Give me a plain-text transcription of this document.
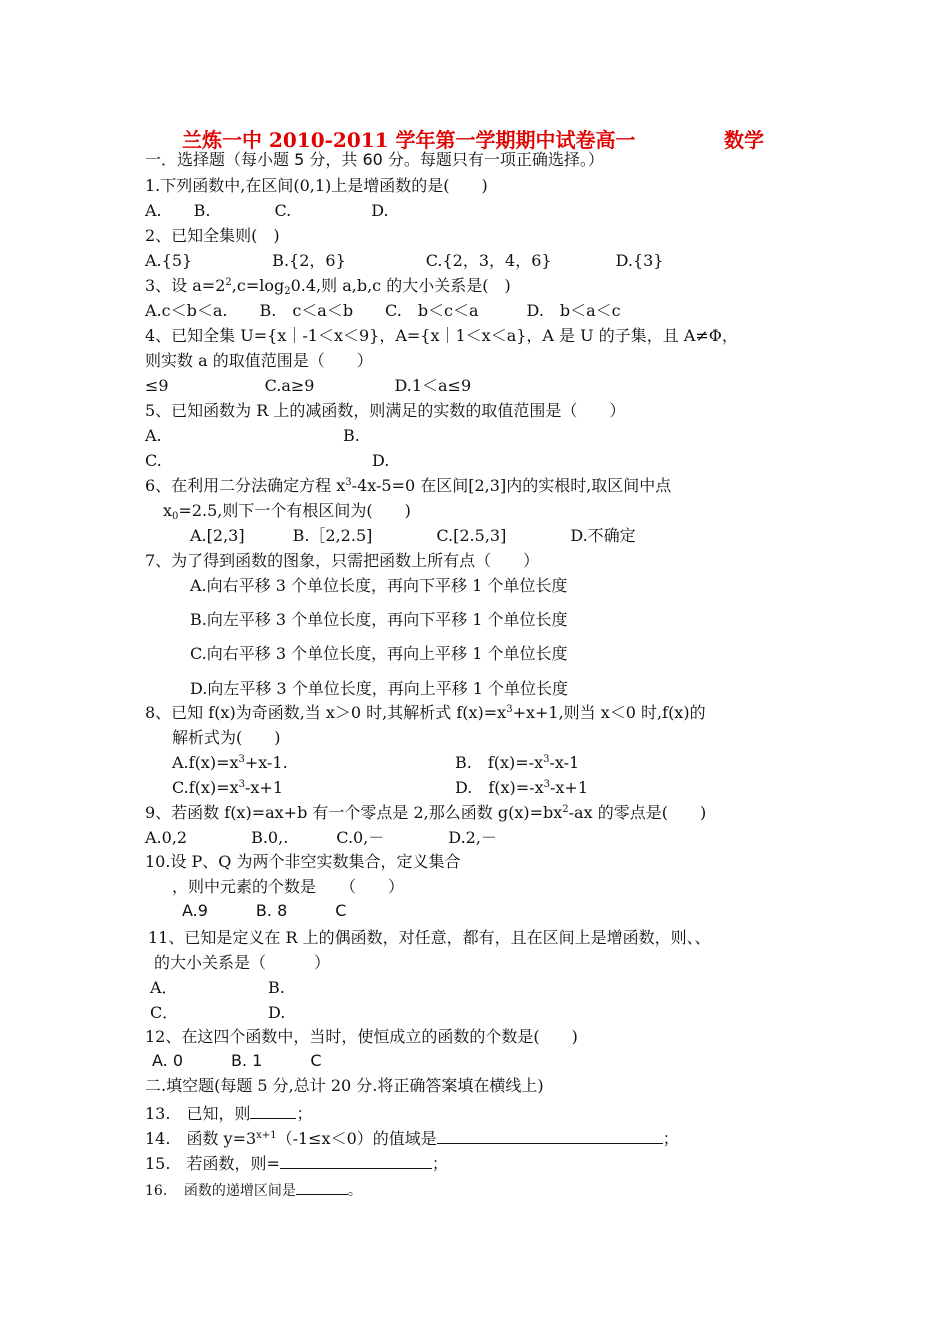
兰炼一中 2010-2011 学年第一学期期中试卷高一	数学
一．选择题（每小题 5 分，共 60 分。每题只有一项正确选择。）
1.下列函数中,在区间(0,1)上是增函数的是(　　)
A.　　B.　　　　C.　　　　　D.
2、已知全集则(　)
A.{5}　　　　　B.{2，6}　　　　　C.{2，3，4，6}　　　　D.{3}
3、设 $a=2^2,c=\log_20.4$,则 a,b,c 的大小关系是(　)
A.c＜b＜a.　　B.　c＜a＜b　　C.　b＜c＜a　　　D.　b＜a＜c
4、已知全集 U={x｜-1＜x＜9}，A={x｜1＜x＜a}，A 是 U 的子集，且 A≠Φ，
则实数 a 的取值范围是（　　）
≤9　　　　　　C.a≥9　　　　　D.1＜a≤9
5、已知函数为 R 上的减函数，则满足的实数的取值范围是（　　）
A.	B.
C.	D.
6、在利用二分法确定方程 $x^3-4x-5=0$ 在区间[2,3]内的实根时,取区间中点
$x_0=2.5$,则下一个有根区间为(　　)
A.[2,3]　　　B.［2,2.5]　　　　C.[2.5,3]　　　　D.不确定
7、为了得到函数的图象，只需把函数上所有点（　　）
A.向右平移 3 个单位长度，再向下平移 1 个单位长度
B.向左平移 3 个单位长度，再向下平移 1 个单位长度
C.向右平移 3 个单位长度，再向上平移 1 个单位长度
D.向左平移 3 个单位长度，再向上平移 1 个单位长度
8、已知 f(x)为奇函数,当 x＞0 时,其解析式 $f(x)=x^3+x+1$,则当 x＜0 时,f(x)的
解析式为(　　)
$A.f(x)=x^3+x-1$.	B.　$f(x)=-x^3-x-1$
$C.f(x)=x^3-x+1$	D.　$f(x)=-x^3-x+1$
9、若函数 f(x)=ax+b 有一个零点是 2,那么函数 $g(x)=bx^2-ax$ 的零点是(　　)
A.0,2　　　　B.0,.　　　C.0,－　　　　D.2,－
10.设 P、Q 为两个非空实数集合，定义集合
，则中元素的个数是　　（　　）
A.9　　　B. 8　　　C
11、已知是定义在 R 上的偶函数，对任意，都有，且在区间上是增函数，则、、
的大小关系是（　　　）
A．	B.
C．	D.
12、在这四个函数中，当时，使恒成立的函数的个数是(　　)
A. 0　　　B. 1　　　C
二.填空题(每题 5 分,总计 20 分.将正确答案填在横线上)
13.　已知，则	；
14.　函数 $y=3^{x+1}(-1\le x<0)$的值域是	；
15.　若函数，则=	；
16．　函数的递增区间是	。
